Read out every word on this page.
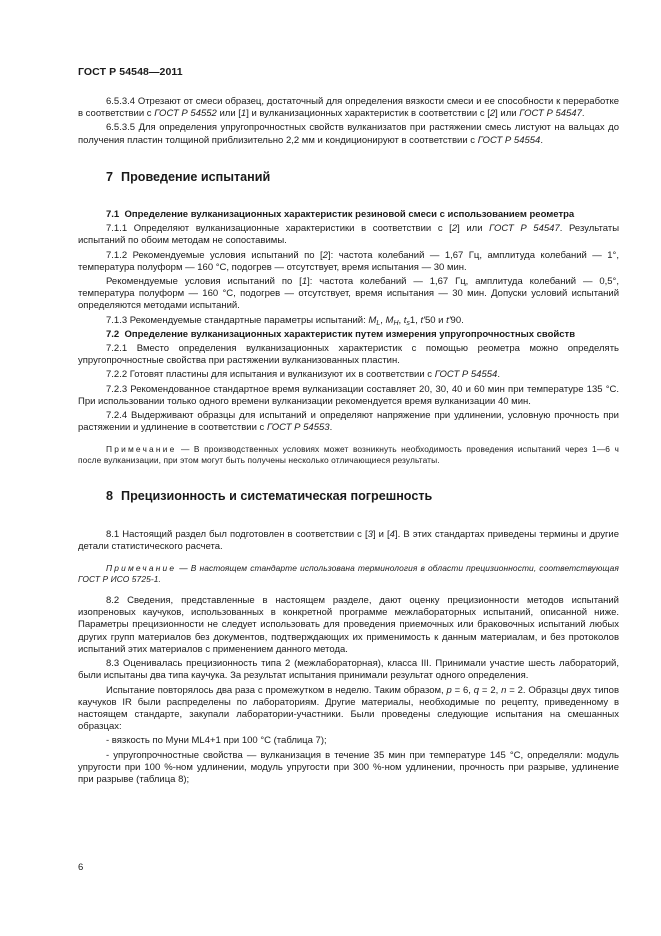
ГОСТ Р 54548—2011

6.5.3.4 Отрезают от смеси образец, достаточный для определения вязкости смеси и ее способности к переработке в соответствии с ГОСТ Р 54552 или [1] и вулканизационных характеристик в соответствии с [2] или ГОСТ Р 54547.

6.5.3.5 Для определения упругопрочностных свойств вулканизатов при растяжении смесь листуют на вальцах до получения пластин толщиной приблизительно 2,2 мм и кондиционируют в соответствии с ГОСТ Р 54554.

7 Проведение испытаний

7.1 Определение вулканизационных характеристик резиновой смеси с использованием реометра

7.1.1 Определяют вулканизационные характеристики в соответствии с [2] или ГОСТ Р 54547. Результаты испытаний по обоим методам не сопоставимы.

7.1.2 Рекомендуемые условия испытаний по [2]: частота колебаний — 1,67 Гц, амплитуда колебаний — 1°, температура полуформ — 160 °С, подогрев — отсутствует, время испытания — 30 мин.

Рекомендуемые условия испытаний по [1]: частота колебаний — 1,67 Гц, амплитуда колебаний — 0,5°, температура полуформ — 160 °С, подогрев — отсутствует, время испытания — 30 мин. Допуски условий испытаний определяются методами испытаний.

7.1.3 Рекомендуемые стандартные параметры испытаний: $M_L$, $M_H$, $t_s1$, t'50 и t'90.

7.2 Определение вулканизационных характеристик путем измерения упругопрочностных свойств

7.2.1 Вместо определения вулканизационных характеристик с помощью реометра можно определять упругопрочностные свойства при растяжении вулканизованных пластин.

7.2.2 Готовят пластины для испытания и вулканизуют их в соответствии с ГОСТ Р 54554.

7.2.3 Рекомендованное стандартное время вулканизации составляет 20, 30, 40 и 60 мин при температуре 135 °С. При использовании только одного времени вулканизации рекомендуется время вулканизации 40 мин.

7.2.4 Выдерживают образцы для испытаний и определяют напряжение при удлинении, условную прочность при растяжении и удлинение в соответствии с ГОСТ Р 54553.

Примечание — В производственных условиях может возникнуть необходимость проведения испытаний через 1—6 ч после вулканизации, при этом могут быть получены несколько отличающиеся результаты.

8 Прецизионность и систематическая погрешность

8.1 Настоящий раздел был подготовлен в соответствии с [3] и [4]. В этих стандартах приведены термины и другие детали статистического расчета.

Примечание — В настоящем стандарте использована терминология в области прецизионности, соответствующая ГОСТ Р ИСО 5725-1.

8.2 Сведения, представленные в настоящем разделе, дают оценку прецизионности методов испытаний изопреновых каучуков, использованных в конкретной программе межлабораторных испытаний, описанной ниже. Параметры прецизионности не следует использовать для проведения приемочных или браковочных испытаний любых других групп материалов без документов, подтверждающих их применимость к данным материалам, и без протоколов испытаний этих материалов с применением данного метода.

8.3 Оценивалась прецизионность типа 2 (межлабораторная), класса III. Принимали участие шесть лабораторий, были испытаны два типа каучука. За результат испытания принимали результат одного определения.

Испытание повторялось два раза с промежутком в неделю. Таким образом, p = 6, q = 2, n = 2. Образцы двух типов каучуков IR были распределены по лабораториям. Другие материалы, необходимые по рецепту, приведенному в настоящем стандарте, закупали лаборатории-участники. Были проведены следующие испытания на смешанных образцах:

- вязкость по Муни ML4+1 при 100 °С (таблица 7);

- упругопрочностные свойства — вулканизация в течение 35 мин при температуре 145 °С, определяли: модуль упругости при 100 %-ном удлинении, модуль упругости при 300 %-ном удлинении, прочность при разрыве, удлинение при разрыве (таблица 8);

6
